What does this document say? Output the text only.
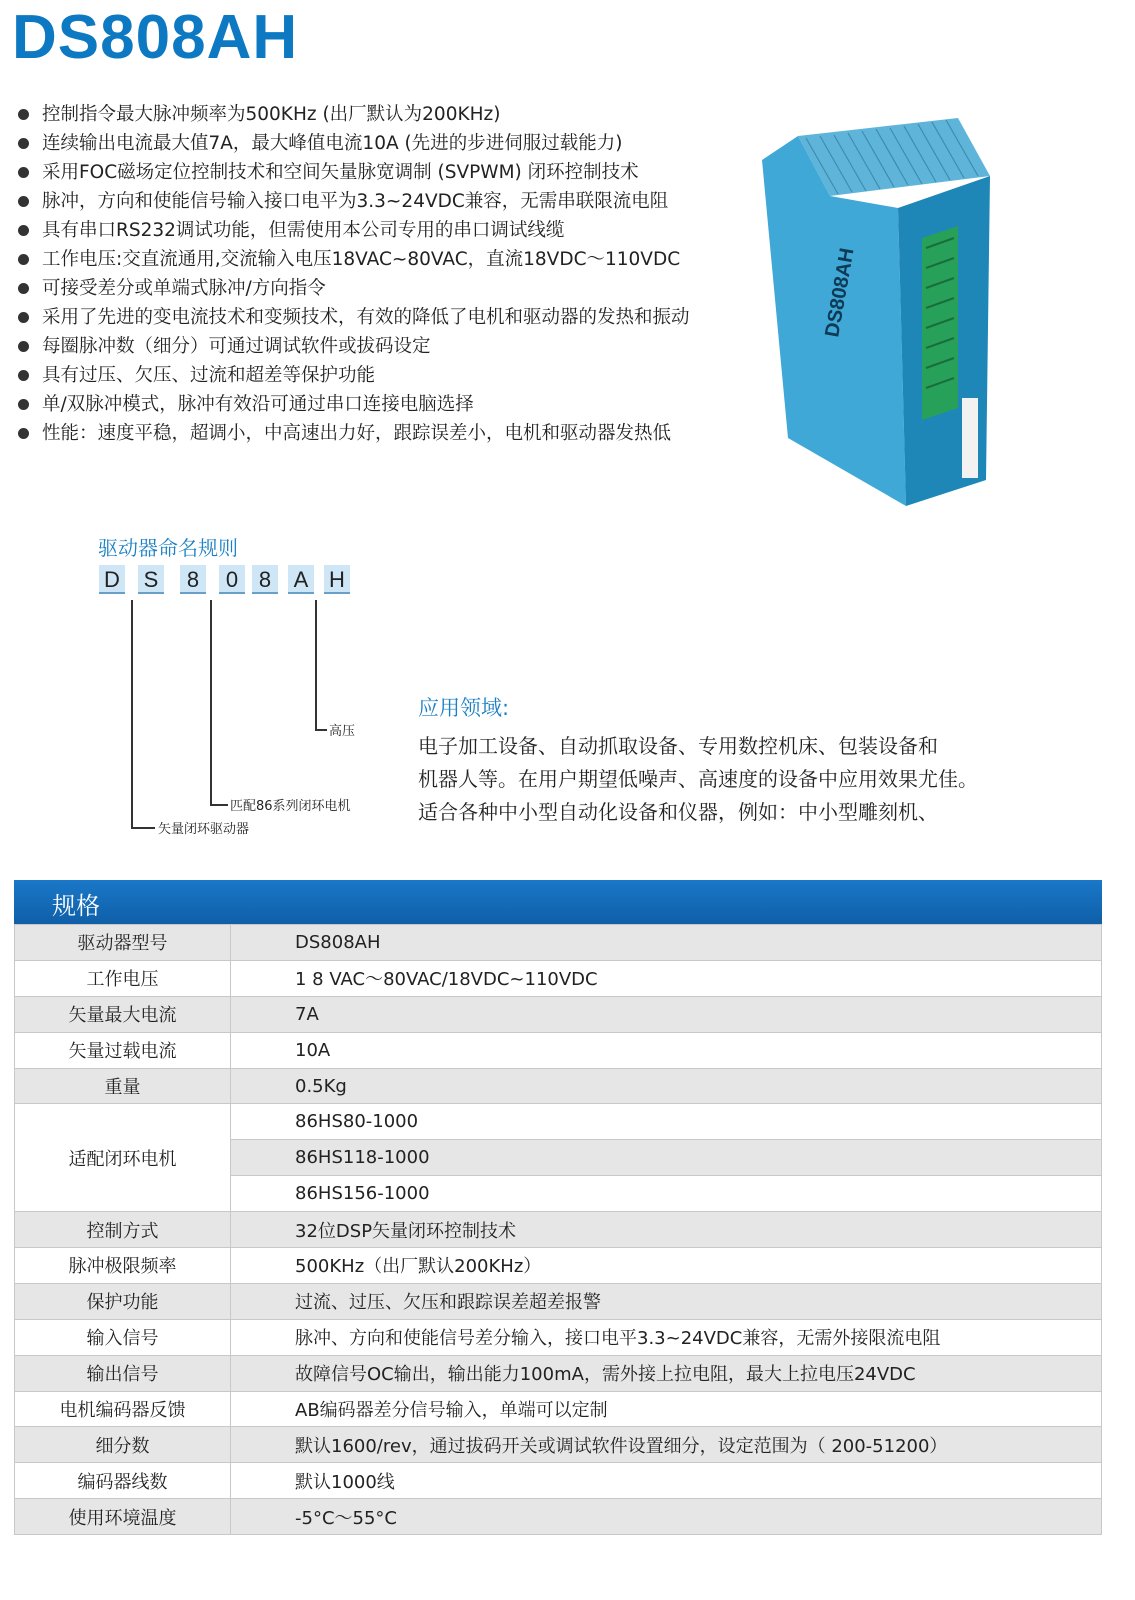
DS808AH
控制指令最大脉冲频率为500KHz (出厂默认为200KHz)
连续输出电流最大值7A，最大峰值电流10A (先进的步进伺服过载能力)
采用FOC磁场定位控制技术和空间矢量脉宽调制 (SVPWM) 闭环控制技术
脉冲，方向和使能信号输入接口电平为3.3~24VDC兼容，无需串联限流电阻
具有串口RS232调试功能，但需使用本公司专用的串口调试线缆
工作电压:交直流通用,交流输入电压18VAC~80VAC，直流18VDC～110VDC
可接受差分或单端式脉冲/方向指令
采用了先进的变电流技术和变频技术，有效的降低了电机和驱动器的发热和振动
每圈脉冲数（细分）可通过调试软件或拔码设定
具有过压、欠压、过流和超差等保护功能
单/双脉冲模式，脉冲有效沿可通过串口连接电脑选择
性能：速度平稳，超调小，中高速出力好，跟踪误差小，电机和驱动器发热低
DS808AH
驱动器命名规则
D S	8	0 8	A H
高压
匹配86系列闭环电机
矢量闭环驱动器
应用领域:
电子加工设备、自动抓取设备、专用数控机床、包装设备和
机器人等。在用户期望低噪声、高速度的设备中应用效果尤佳。
适合各种中小型自动化设备和仪器，例如：中小型雕刻机、
规格
驱动器型号	DS808AH
工作电压	1 8 VAC～80VAC/18VDC~110VDC
矢量最大电流	7A
矢量过载电流	10A
重量	0.5Kg
适配闭环电机	86HS80-1000
	86HS118-1000
	86HS156-1000
控制方式	32位DSP矢量闭环控制技术
脉冲极限频率	500KHz（出厂默认200KHz）
保护功能	过流、过压、欠压和跟踪误差超差报警
输入信号	脉冲、方向和使能信号差分输入，接口电平3.3~24VDC兼容，无需外接限流电阻
输出信号	故障信号OC输出，输出能力100mA，需外接上拉电阻，最大上拉电压24VDC
电机编码器反馈	AB编码器差分信号输入，单端可以定制
细分数	默认1600/rev，通过拔码开关或调试软件设置细分，设定范围为（ 200-51200）
编码器线数	默认1000线
使用环境温度	-5°C～55°C
